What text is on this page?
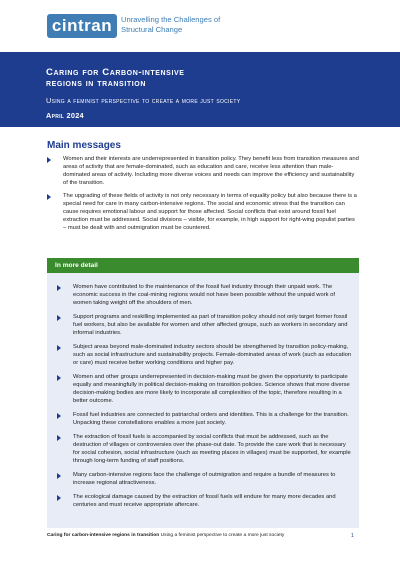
cintran	Unravelling the Challenges of Structural Change
Caring for Carbon-intensive
regions in transition
Using a feminist perspective to create a more just society
April 2024
Main messages
Women and their interests are underrepresented in transition policy. They benefit less from transition measures and areas of activity that are female-dominated, such as education and care, receive less attention than male-dominated areas of activity. Including more diverse voices and needs can improve the efficiency and sustainability of the transition.
The upgrading of these fields of activity is not only necessary in terms of equality policy but also because there is a special need for care in many carbon-intensive regions. The social and economic stress that the transition can cause requires emotional labour and support for those affected. Social conflicts that exist around fossil fuel extraction must be addressed. Social divisions – visible, for example, in high support for right-wing populist parties – must be dealt with and outmigration must be countered.
In more detail
Women have contributed to the maintenance of the fossil fuel industry through their unpaid work. The economic success in the coal-mining regions would not have been possible without the unpaid work of women taking weight off the shoulders of men.
Support programs and reskilling implemented as part of transition policy should not only target former fossil fuel workers, but also be available for women and other affected groups, such as workers in secondary and informal industries.
Subject areas beyond male-dominated industry sectors should be strengthened by transition policy-making, such as social infrastructure and sustainability projects. Female-dominated areas of work (such as education or care) must receive better working conditions and higher pay.
Women and other groups underrepresented in decision-making must be given the opportunity to participate equally and meaningfully in political decision-making on transition policies. Science shows that more diverse decision-making bodies are more likely to incorporate all complexities of the topic, therefore resulting in a better outcome.
Fossil fuel industries are connected to patriarchal orders and identities. This is a challenge for the transition. Unpacking these constellations enables a more just society.
The extraction of fossil fuels is accompanied by social conflicts that must be addressed, such as the destruction of villages or controversies over the phase-out date. To provide the care work that is necessary for social cohesion, social infrastructure (such as meeting places in villages) must be supported, for example through long-term funding of staff positions.
Many carbon-intensive regions face the challenge of outmigration and require a bundle of measures to increase regional attractiveness.
The ecological damage caused by the extraction of fossil fuels will endure for many more decades and centuries and must receive appropriate aftercare.
Caring for carbon-intensive regions in transition Using a feminist perspective to create a more just society	1
